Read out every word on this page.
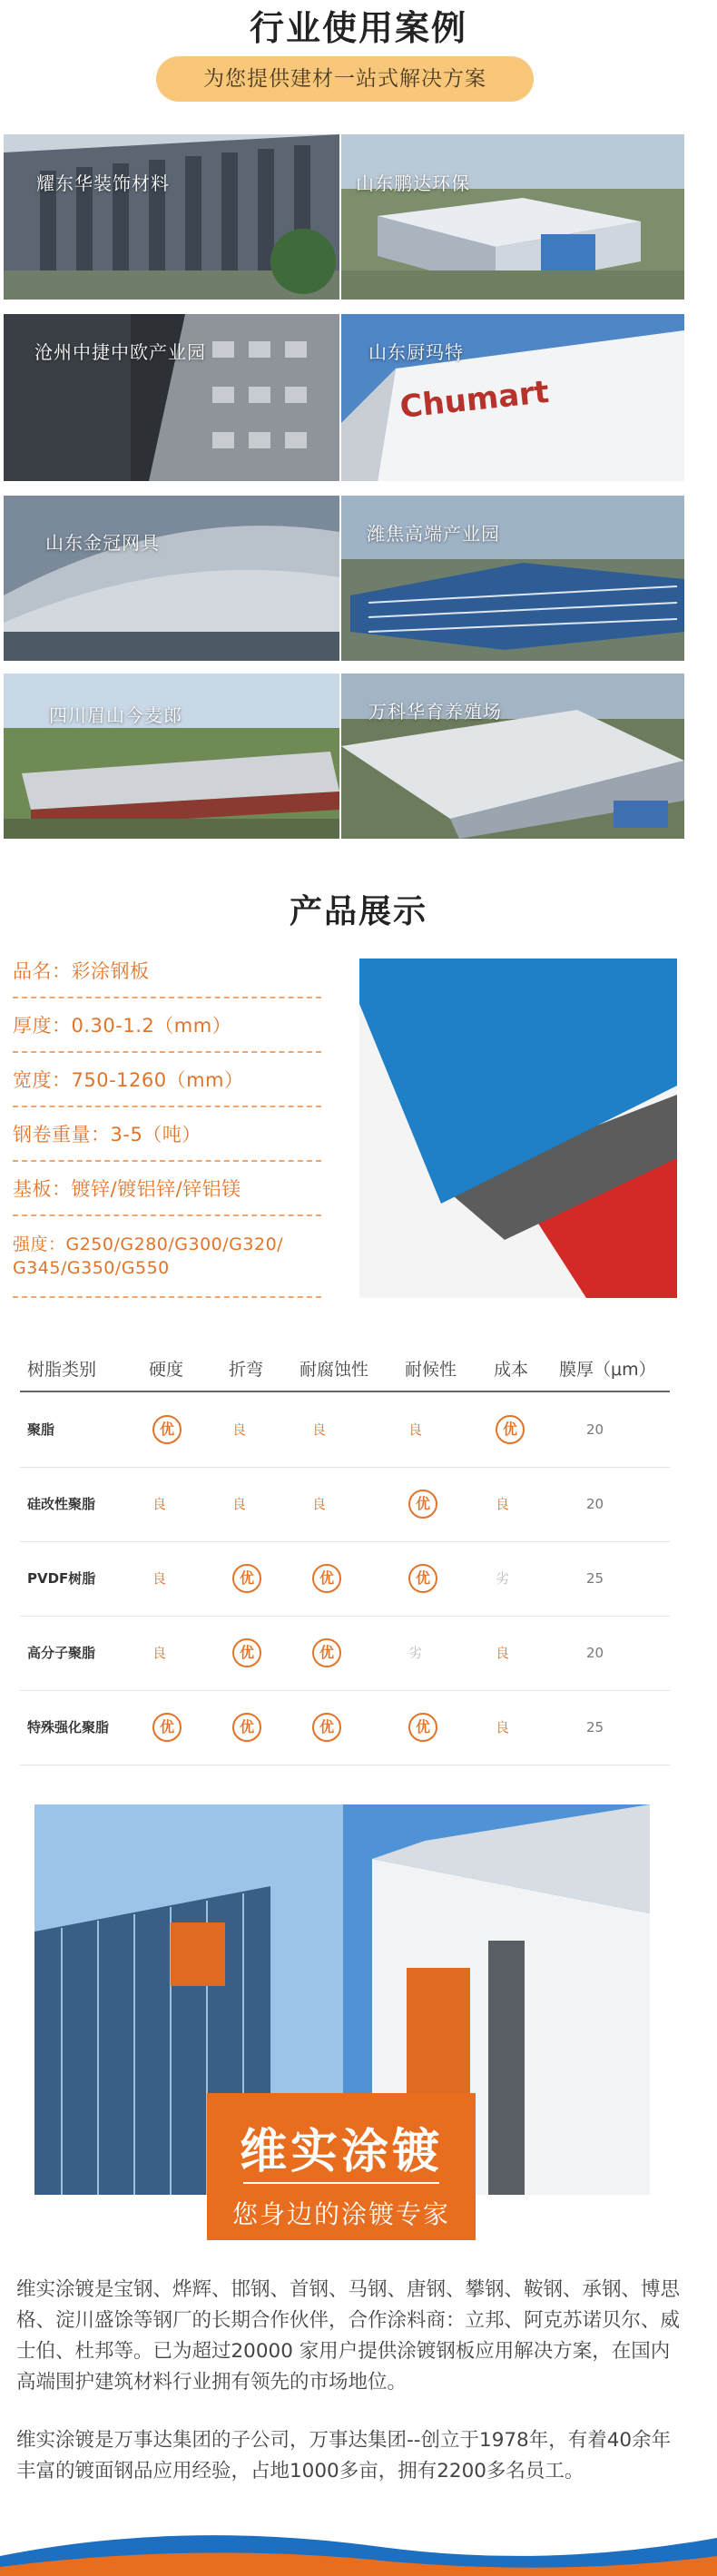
行业使用案例
为您提供建材一站式解决方案
耀东华装饰材料	山东鹏达环保
沧州中捷中欧产业园
Chumart
山东厨玛特
山东金冠网具	潍焦高端产业园
四川眉山今麦郎	万科华育养殖场
产品展示
品名：彩涂钢板
厚度：0.30-1.2（mm）
宽度：750-1260（mm）
钢卷重量：3-5（吨）
基板：镀锌/镀铝锌/锌铝镁
强度：G250/G280/G300/G320/
G345/G350/G550
树脂类别	硬度	折弯 耐腐蚀性 耐候性 成本 膜厚（μm）
聚脂	优	良	良	良	优	20
硅改性聚脂	良	良	良	优	良	20
PVDF树脂	良	优	优	优	劣	25
高分子聚脂	良	优	优	劣	良	20
特殊强化聚脂	优	优	优	优	良	25
维实涂镀
您身边的涂镀专家
维实涂镀是宝钢、烨辉、邯钢、首钢、马钢、唐钢、攀钢、鞍钢、承钢、博思格、淀川盛馀等钢厂的长期合作伙伴，合作涂料商：立邦、阿克苏诺贝尔、威士伯、杜邦等。已为超过20000 家用户提供涂镀钢板应用解决方案，在国内高端围护建筑材料行业拥有领先的市场地位。
维实涂镀是万事达集团的子公司，万事达集团--创立于1978年，有着40余年丰富的镀面钢品应用经验，占地1000多亩，拥有2200多名员工。
